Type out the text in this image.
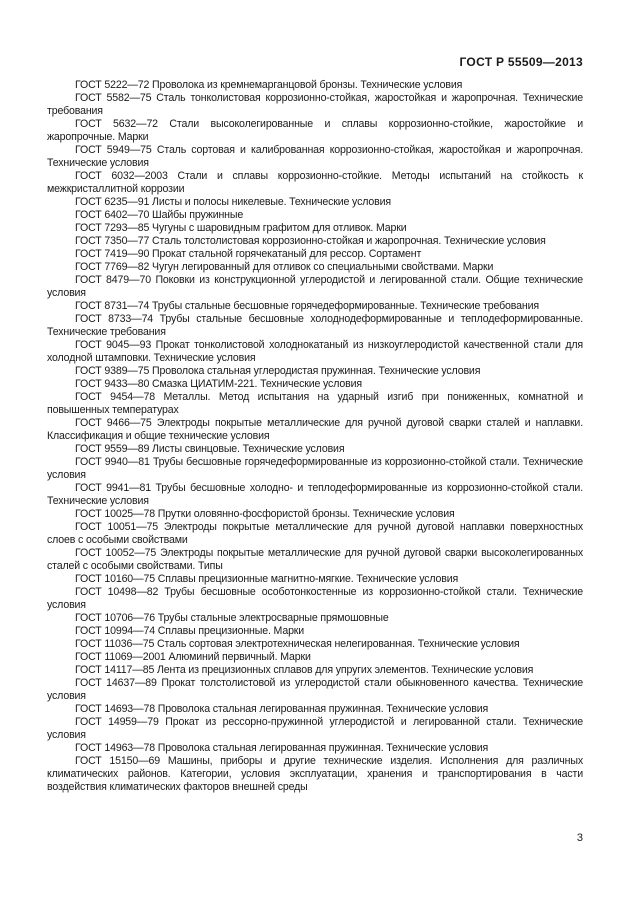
ГОСТ Р 55509—2013
ГОСТ 5222—72 Проволока из кремнемарганцовой бронзы. Технические условия
ГОСТ 5582—75 Сталь тонколистовая коррозионно-стойкая, жаростойкая и жаропрочная. Технические требования
ГОСТ 5632—72 Стали высоколегированные и сплавы коррозионно-стойкие, жаростойкие и жаропрочные. Марки
ГОСТ 5949—75 Сталь сортовая и калиброванная коррозионно-стойкая, жаростойкая и жаропрочная. Технические условия
ГОСТ 6032—2003 Стали и сплавы коррозионно-стойкие. Методы испытаний на стойкость к межкристаллитной коррозии
ГОСТ 6235—91 Листы и полосы никелевые. Технические условия
ГОСТ 6402—70 Шайбы пружинные
ГОСТ 7293—85 Чугуны с шаровидным графитом для отливок. Марки
ГОСТ 7350—77 Сталь толстолистовая коррозионно-стойкая и жаропрочная. Технические условия
ГОСТ 7419—90 Прокат стальной горячекатаный для рессор. Сортамент
ГОСТ 7769—82 Чугун легированный для отливок со специальными свойствами. Марки
ГОСТ 8479—70 Поковки из конструкционной углеродистой и легированной стали. Общие технические условия
ГОСТ 8731—74 Трубы стальные бесшовные горячедеформированные. Технические требования
ГОСТ 8733—74 Трубы стальные бесшовные холоднодеформированные и теплодеформированные. Технические требования
ГОСТ 9045—93 Прокат тонколистовой холоднокатаный из низкоуглеродистой качественной стали для холодной штамповки. Технические условия
ГОСТ 9389—75 Проволока стальная углеродистая пружинная. Технические условия
ГОСТ 9433—80 Смазка ЦИАТИМ-221. Технические условия
ГОСТ 9454—78 Металлы. Метод испытания на ударный изгиб при пониженных, комнатной и повышенных температурах
ГОСТ 9466—75 Электроды покрытые металлические для ручной дуговой сварки сталей и наплавки. Классификация и общие технические условия
ГОСТ 9559—89 Листы свинцовые. Технические условия
ГОСТ 9940—81 Трубы бесшовные горячедеформированные из коррозионно-стойкой стали. Технические условия
ГОСТ 9941—81 Трубы бесшовные холодно- и теплодеформированные из коррозионно-стойкой стали. Технические условия
ГОСТ 10025—78 Прутки оловянно-фосфористой бронзы. Технические условия
ГОСТ 10051—75 Электроды покрытые металлические для ручной дуговой наплавки поверхностных слоев с особыми свойствами
ГОСТ 10052—75 Электроды покрытые металлические для ручной дуговой сварки высоколегированных сталей с особыми свойствами. Типы
ГОСТ 10160—75 Сплавы прецизионные магнитно-мягкие. Технические условия
ГОСТ 10498—82 Трубы бесшовные особотонкостенные из коррозионно-стойкой стали. Технические условия
ГОСТ 10706—76 Трубы стальные электросварные прямошовные
ГОСТ 10994—74 Сплавы прецизионные. Марки
ГОСТ 11036—75 Сталь сортовая электротехническая нелегированная. Технические условия
ГОСТ 11069—2001 Алюминий первичный. Марки
ГОСТ 14117—85 Лента из прецизионных сплавов для упругих элементов. Технические условия
ГОСТ 14637—89 Прокат толстолистовой из углеродистой стали обыкновенного качества. Технические условия
ГОСТ 14693—78 Проволока стальная легированная пружинная. Технические условия
ГОСТ 14959—79 Прокат из рессорно-пружинной углеродистой и легированной стали. Технические условия
ГОСТ 14963—78 Проволока стальная легированная пружинная. Технические условия
ГОСТ 15150—69 Машины, приборы и другие технические изделия. Исполнения для различных климатических районов. Категории, условия эксплуатации, хранения и транспортирования в части воздействия климатических факторов внешней среды
3
